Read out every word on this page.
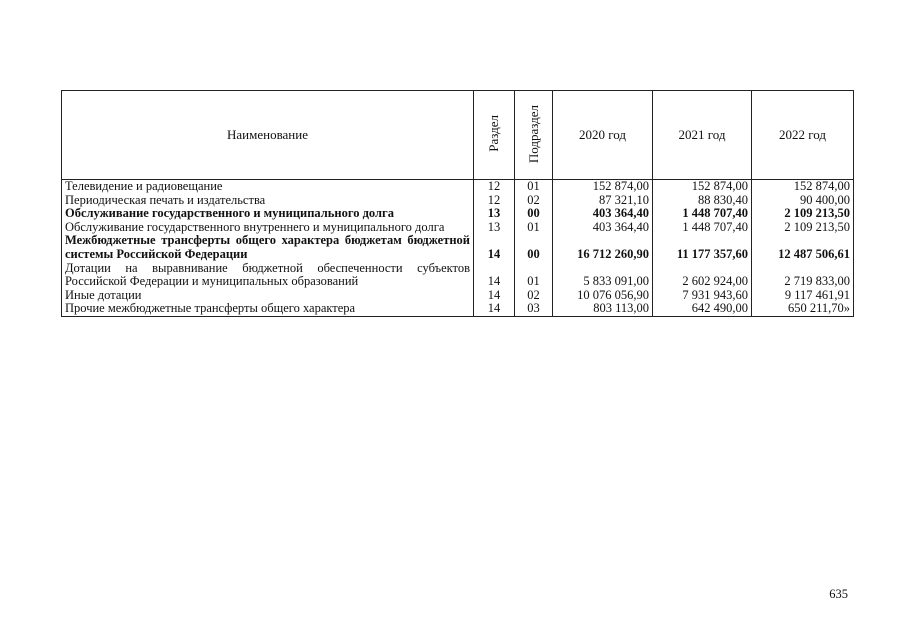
Наименование	Раздел	Подраздел	2020 год	2021 год	2022 год
Телевидение и радиовещание	12	01	152 874,00	152 874,00	152 874,00
Периодическая печать и издательства	12	02	87 321,10	88 830,40	90 400,00
Обслуживание государственного и муниципального долга	13	00	403 364,40	1 448 707,40	2 109 213,50
Обслуживание государственного внутреннего и муниципального долга	13	01	403 364,40	1 448 707,40	2 109 213,50
Межбюджетные трансферты общего характера бюджетам бюджетной системы Российской Федерации	14	00	16 712 260,90	11 177 357,60	12 487 506,61
Дотации на выравнивание бюджетной обеспеченности субъектов Российской Федерации и муниципальных образований	14	01	5 833 091,00	2 602 924,00	2 719 833,00
Иные дотации	14	02	10 076 056,90	7 931 943,60	9 117 461,91
Прочие межбюджетные трансферты общего характера	14	03	803 113,00	642 490,00	650 211,70»
635
